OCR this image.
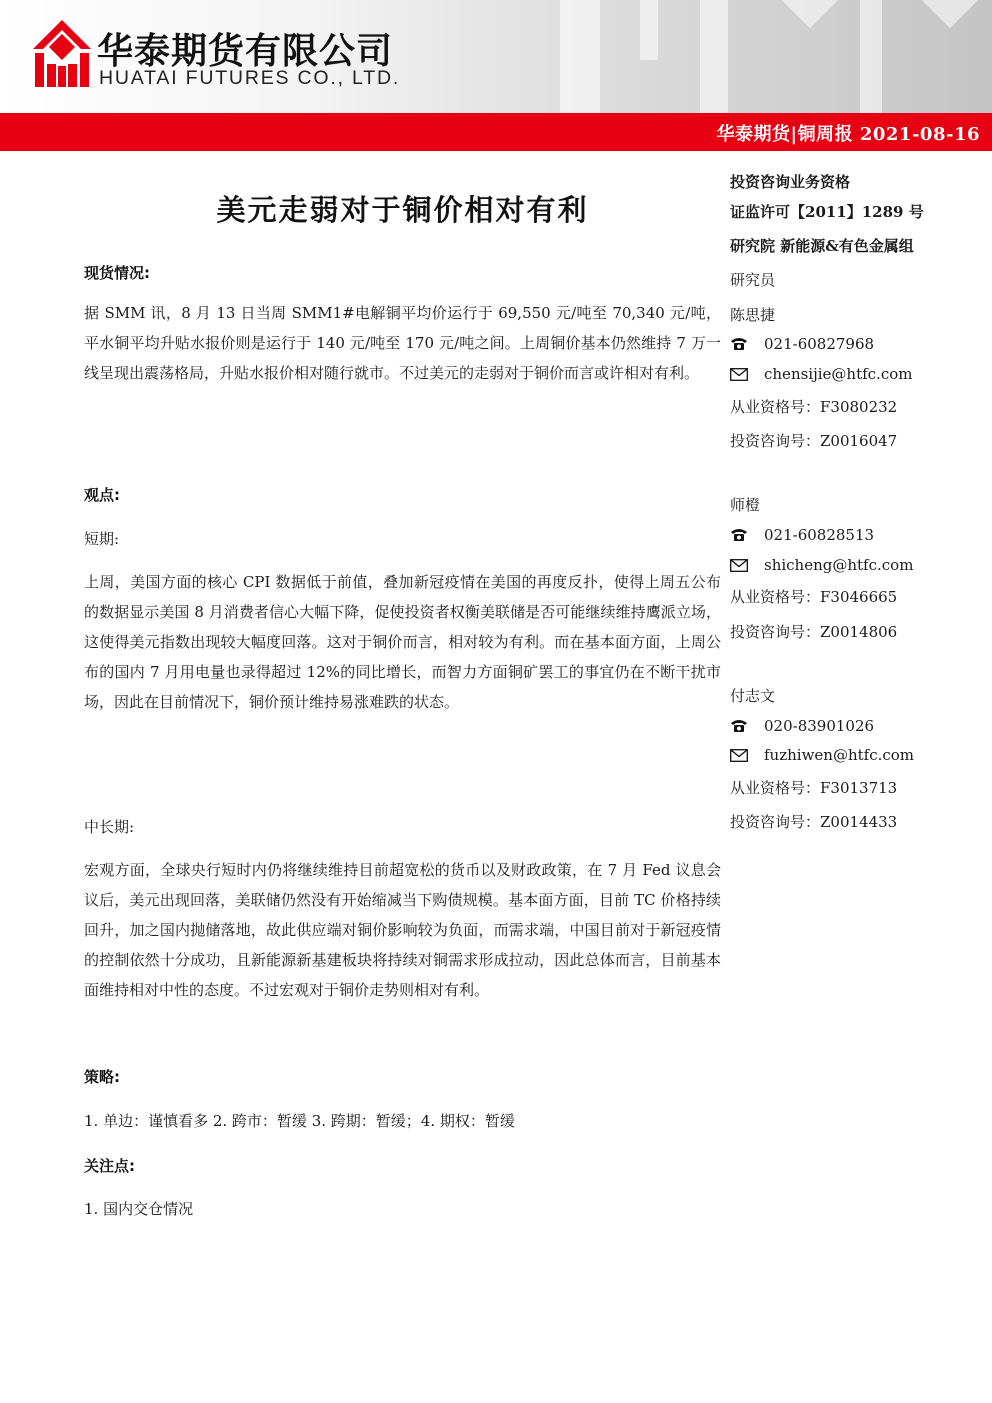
华泰期货有限公司
HUATAI FUTURES CO., LTD.
华泰期货|铜周报 2021-08-16
美元走弱对于铜价相对有利
现货情况:

据 SMM 讯，8 月 13 日当周 SMM1#电解铜平均价运行于 69,550 元/吨至 70,340 元/吨，平水铜平均升贴水报价则是运行于 140 元/吨至 170 元/吨之间。上周铜价基本仍然维持 7 万一线呈现出震荡格局，升贴水报价相对随行就市。不过美元的走弱对于铜价而言或许相对有利。

观点:
短期:

上周，美国方面的核心 CPI 数据低于前值，叠加新冠疫情在美国的再度反扑，使得上周五公布的数据显示美国 8 月消费者信心大幅下降，促使投资者权衡美联储是否可能继续维持鹰派立场，这使得美元指数出现较大幅度回落。这对于铜价而言，相对较为有利。而在基本面方面，上周公布的国内 7 月用电量也录得超过 12%的同比增长，而智力方面铜矿罢工的事宜仍在不断干扰市场，因此在目前情况下，铜价预计维持易涨难跌的状态。

中长期:

宏观方面，全球央行短时内仍将继续维持目前超宽松的货币以及财政政策，在 7 月 Fed 议息会议后，美元出现回落，美联储仍然没有开始缩减当下购债规模。基本面方面，目前 TC 价格持续回升，加之国内抛储落地，故此供应端对铜价影响较为负面，而需求端，中国目前对于新冠疫情的控制依然十分成功，且新能源新基建板块将持续对铜需求形成拉动，因此总体而言，目前基本面维持相对中性的态度。不过宏观对于铜价走势则相对有利。

策略:
1. 单边：谨慎看多 2. 跨市：暂缓 3. 跨期：暂缓；4. 期权：暂缓
关注点:
1. 国内交仓情况
投资咨询业务资格
证监许可【2011】1289 号
研究院 新能源&有色金属组
研究员
陈思捷
021-60827968
chensijie@htfc.com
从业资格号：F3080232
投资咨询号：Z0016047
师橙
021-60828513
shicheng@htfc.com
从业资格号：F3046665
投资咨询号：Z0014806
付志文
020-83901026
fuzhiwen@htfc.com
从业资格号：F3013713
投资咨询号：Z0014433
